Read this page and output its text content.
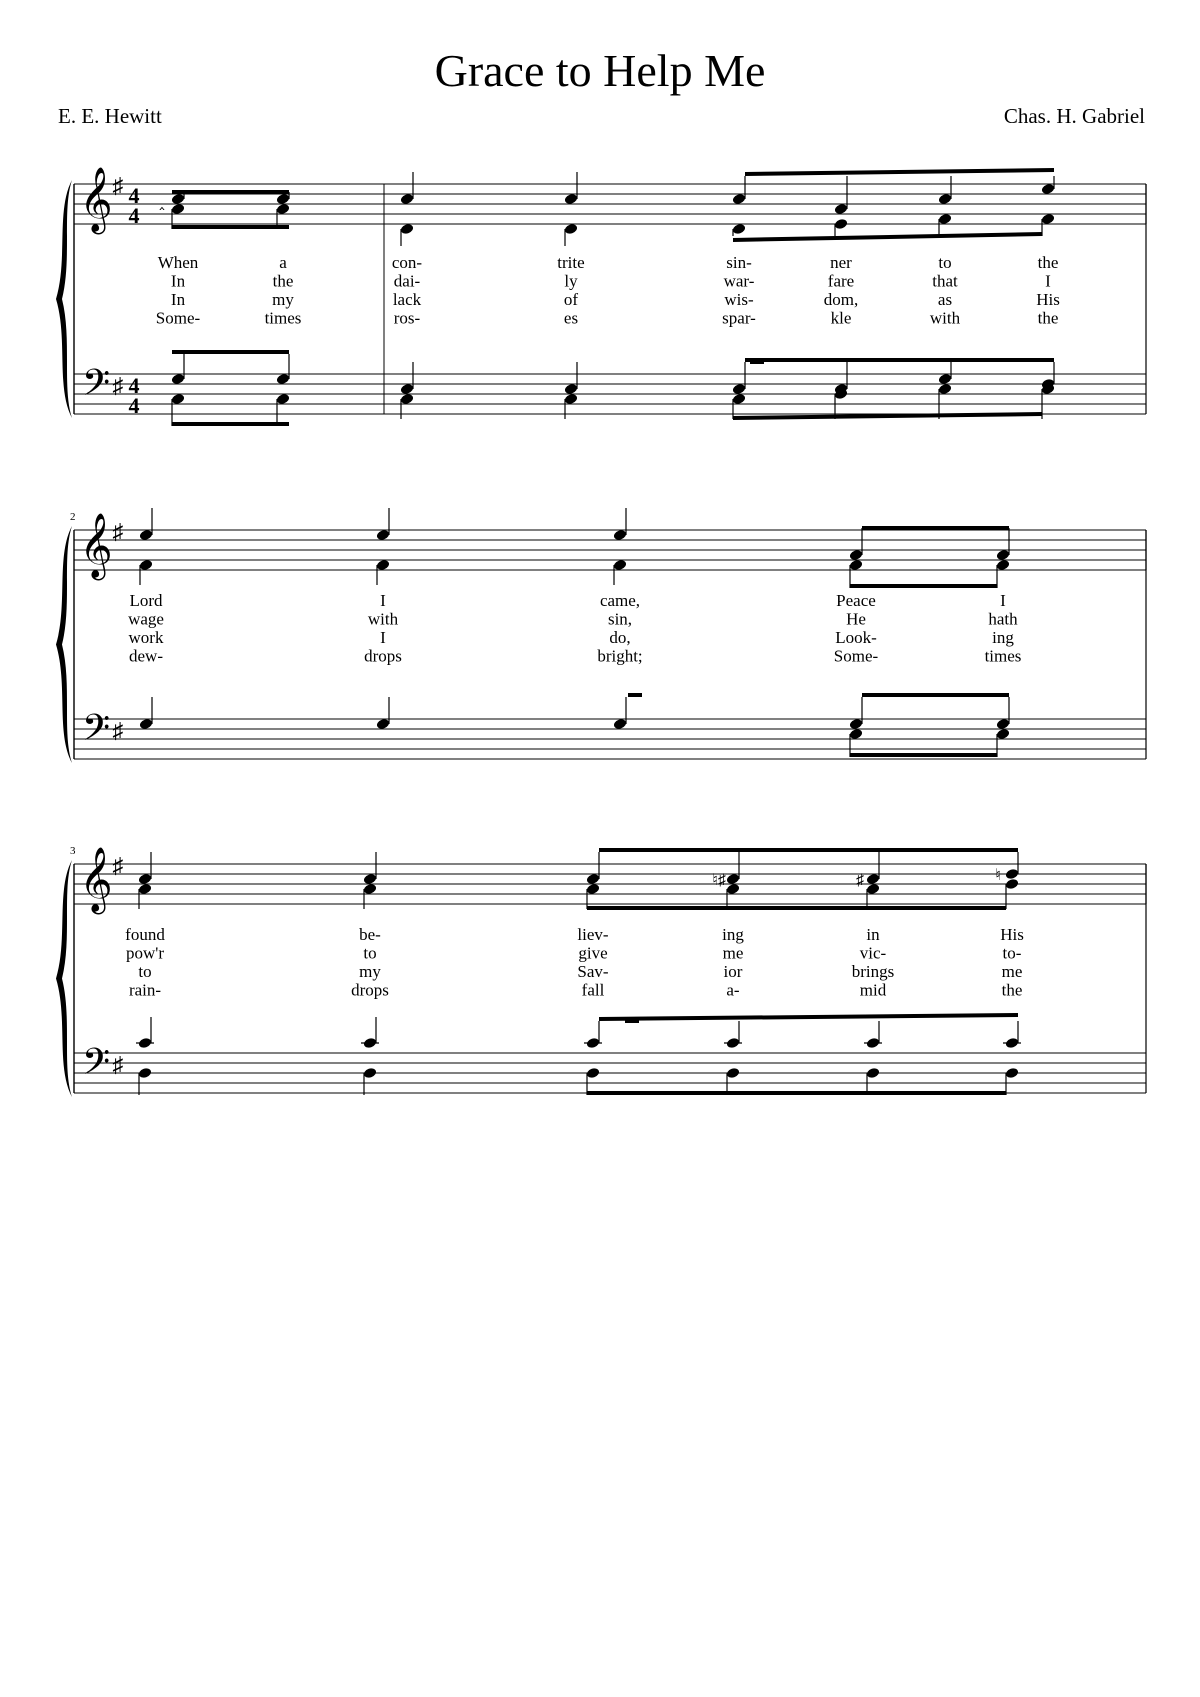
Grace to Help Me
E. E. Hewitt	Chas. H. Gabriel
𝄞
𝄢
♯
♯
4
4
4
4
𝄞
𝄢
♯
♯
2
𝄞
𝄢
♯
♯
3
‸
♮♯	♯	♮
When
In
In
Some-
a
the
my
times
con-
dai-
lack
ros-
trite
ly
of
es
sin-
war-
wis-
spar-
ner
fare
dom,
kle
to
that
as
with
the
I
His
the
Lord
wage
work
dew-
I
with
I
drops
came,
sin,
do,
bright;
Peace
He
Look-
Some-
I
hath
ing
times
found
pow'r
to
rain-
be-
to
my
drops
liev-
give
Sav-
fall
ing
me
ior
a-
in
vic-
brings
mid
His
to-
me
the
